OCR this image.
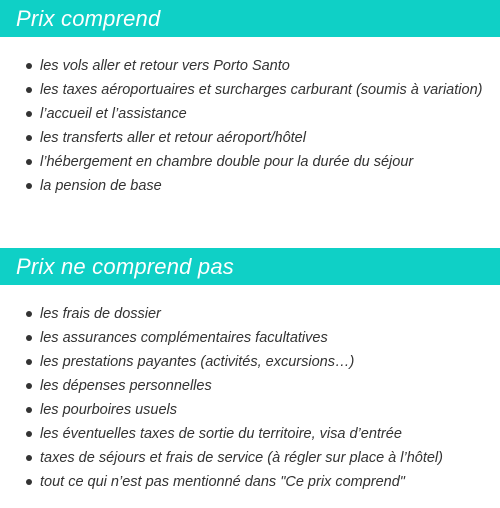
Prix comprend
les vols aller et retour vers Porto Santo
les taxes aéroportuaires et surcharges carburant (soumis à variation)
l’accueil et l’assistance
les transferts aller et retour aéroport/hôtel
l’hébergement en chambre double pour la durée du séjour
la pension de base
Prix ne comprend pas
les frais de dossier
les assurances complémentaires facultatives
les prestations payantes (activités, excursions…)
les dépenses personnelles
les pourboires usuels
les éventuelles taxes de sortie du territoire, visa d’entrée
taxes de séjours et frais de service (à régler sur place à l’hôtel)
tout ce qui n’est pas mentionné dans "Ce prix comprend"
